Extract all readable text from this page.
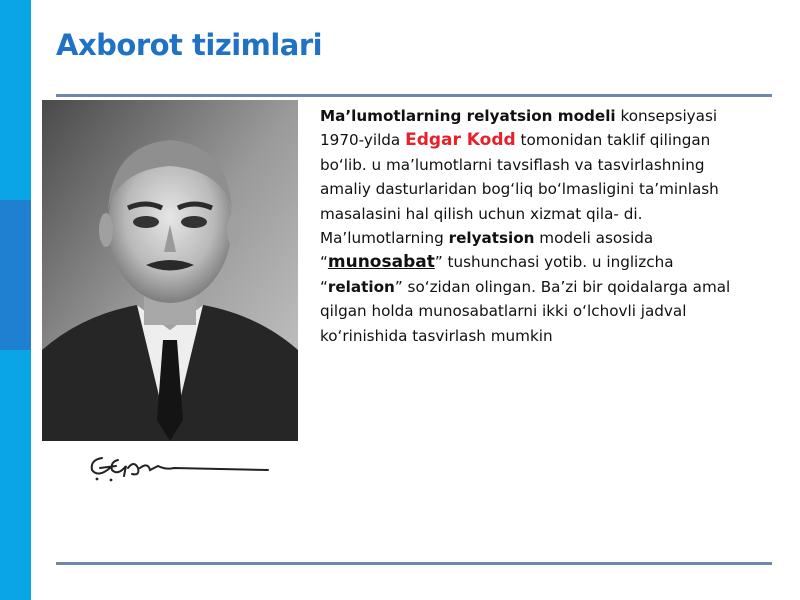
Axborot tizimlari

Ma’lumotlarning relyatsion modeli konsepsiyasi 1970-yilda Edgar Kodd tomonidan taklif qilingan bo‘lib. u ma’lumotlarni tavsiflash va tasvirlashning amaliy dasturlaridan bog‘liq bo‘lmasligini ta’minlash masalasini hal qilish uchun xizmat qila- di. Ma’lumotlarning relyatsion modeli asosida “munosabat” tushunchasi yotib. u inglizcha “relation” so‘zidan olingan. Ba’zi bir qoidalarga amal qilgan holda munosabatlarni ikki o‘lchovli jadval ko‘rinishida tasvirlash mumkin
